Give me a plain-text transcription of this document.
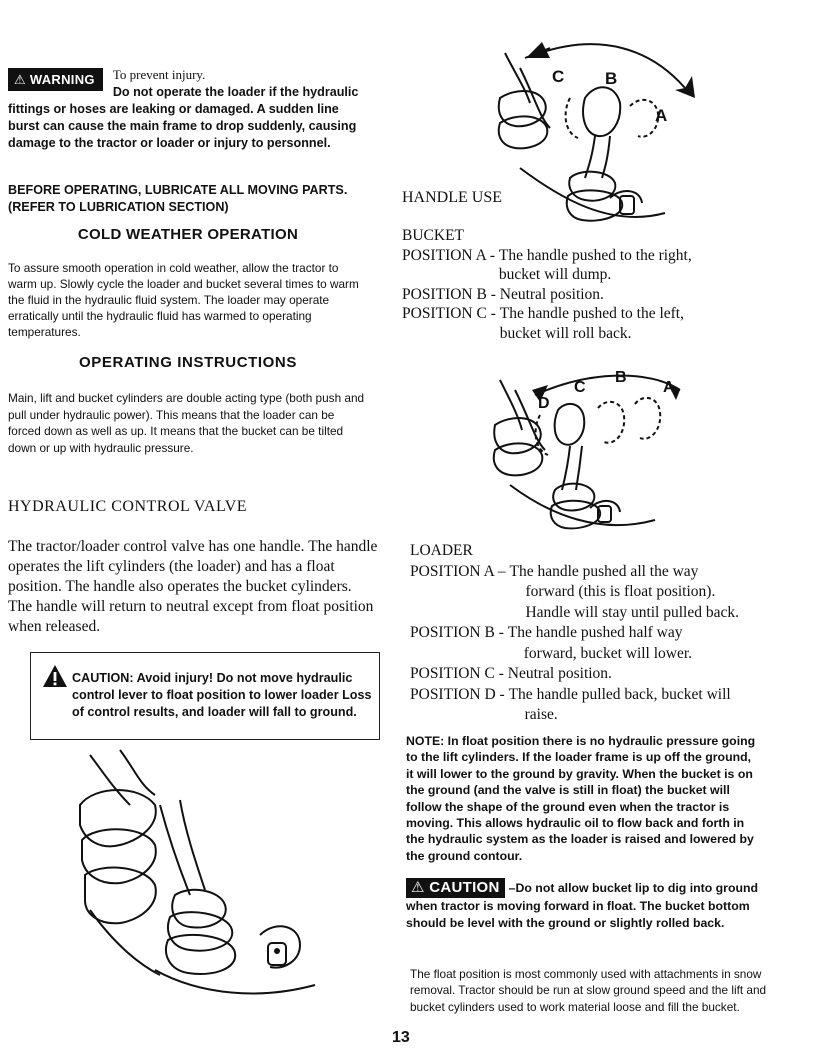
⚠ WARNING	To prevent injury.
Do not operate the loader if the hydraulic fittings or hoses are leaking or damaged. A sudden line burst can cause the main frame to drop suddenly, causing damage to the tractor or loader or injury to personnel.

BEFORE OPERATING, LUBRICATE ALL MOVING PARTS. (REFER TO LUBRICATION SECTION)

COLD WEATHER OPERATION

To assure smooth operation in cold weather, allow the tractor to warm up. Slowly cycle the loader and bucket several times to warm the fluid in the hydraulic fluid system. The loader may operate erratically until the hydraulic fluid has warmed to operating temperatures.

OPERATING INSTRUCTIONS

Main, lift and bucket cylinders are double acting type (both push and pull under hydraulic power). This means that the loader can be forced down as well as up. It means that the bucket can be tilted down or up with hydraulic pressure.

HYDRAULIC CONTROL VALVE

The tractor/loader control valve has one handle. The handle operates the lift cylinders (the loader) and has a float position. The handle also operates the bucket cylinders. The handle will return to neutral except from float position when released.

CAUTION: Avoid injury! Do not move hydraulic control lever to float position to lower loader Loss of control results, and loader will fall to ground.

C B
A

HANDLE USE

BUCKET
POSITION A -
The handle pushed to the right,
bucket will dump.
POSITION B -
Neutral position.
POSITION C -
The handle pushed to the left,
bucket will roll back.
D
C
B
A
LOADER
POSITION A –
The handle pushed all the way
forward (this is float position).
Handle will stay until pulled back.
POSITION B -
The handle pushed half way
forward, bucket will lower.
POSITION C -
Neutral position.
POSITION D -
The handle pulled back, bucket will
raise.

NOTE: In float position there is no hydraulic pressure going to the lift cylinders. If the loader frame is up off the ground, it will lower to the ground by gravity. When the bucket is on the ground (and the valve is still in float) the bucket will follow the shape of the ground even when the tractor is moving. This allows hydraulic oil to flow back and forth in the hydraulic system as the loader is raised and lowered by the ground contour.

⚠ CAUTION –Do not allow bucket lip to dig into ground when tractor is moving forward in float. The bucket bottom should be level with the ground or slightly rolled back.

The float position is most commonly used with attachments in snow removal. Tractor should be run at slow ground speed and the lift and bucket cylinders used to work material loose and fill the bucket.

13
